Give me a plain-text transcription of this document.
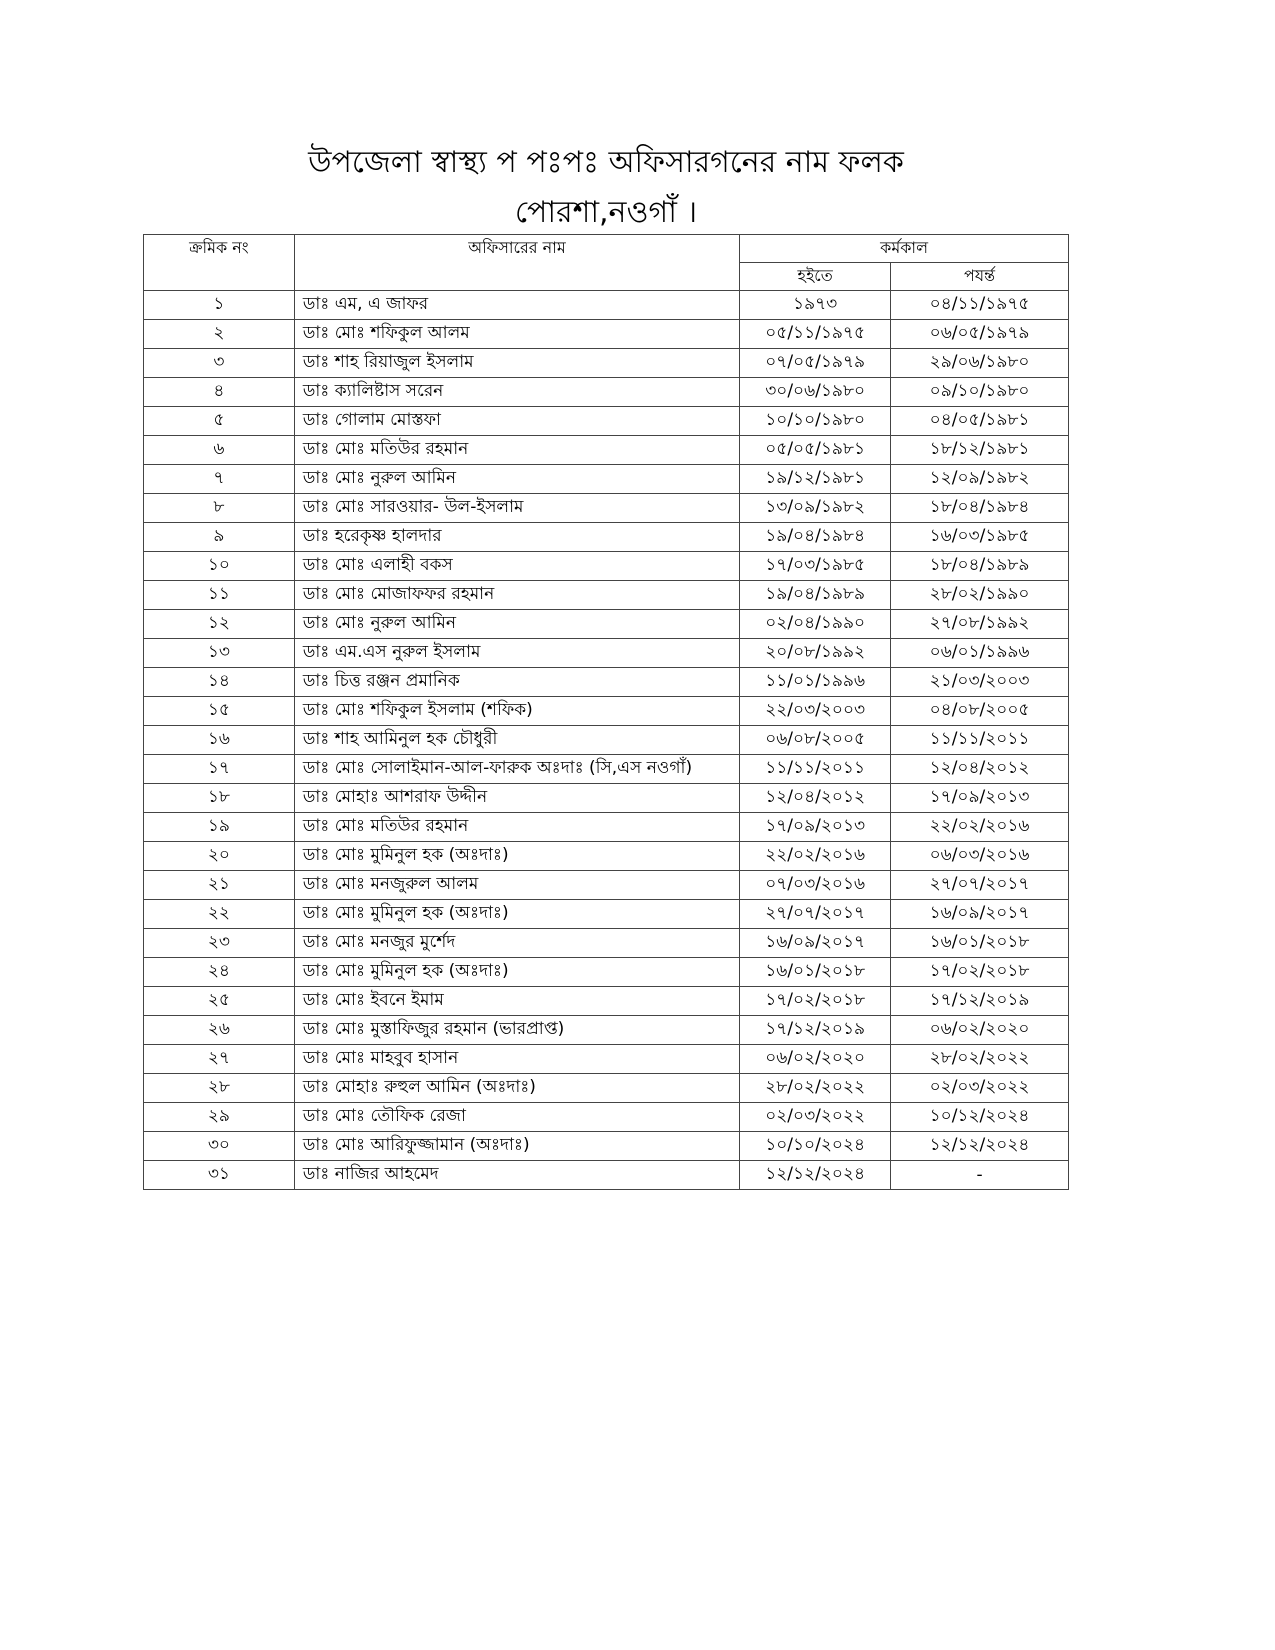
উপজেলা স্বাস্থ্য প পঃপঃ অফিসারগনের নাম ফলক
পোরশা,নওগাঁ ।
ক্রমিক নং	অফিসারের নাম	কর্মকাল	
		হইতে	পযর্ন্ত
১	ডাঃ এম, এ জাফর	১৯৭৩	০৪/১১/১৯৭৫
২	ডাঃ মোঃ শফিকুল আলম	০৫/১১/১৯৭৫	০৬/০৫/১৯৭৯
৩	ডাঃ শাহ রিয়াজুল ইসলাম	০৭/০৫/১৯৭৯	২৯/০৬/১৯৮০
৪	ডাঃ ক্যালিষ্টাস সরেন	৩০/০৬/১৯৮০	০৯/১০/১৯৮০
৫	ডাঃ গোলাম মোস্তফা	১০/১০/১৯৮০	০৪/০৫/১৯৮১
৬	ডাঃ মোঃ মতিউর রহমান	০৫/০৫/১৯৮১	১৮/১২/১৯৮১
৭	ডাঃ মোঃ নুরুল আমিন	১৯/১২/১৯৮১	১২/০৯/১৯৮২
৮	ডাঃ মোঃ সারওয়ার- উল-ইসলাম	১৩/০৯/১৯৮২	১৮/০৪/১৯৮৪
৯	ডাঃ হরেকৃষ্ণ হালদার	১৯/০৪/১৯৮৪	১৬/০৩/১৯৮৫
১০	ডাঃ মোঃ এলাহী বকস	১৭/০৩/১৯৮৫	১৮/০৪/১৯৮৯
১১	ডাঃ মোঃ মোজাফফর রহমান	১৯/০৪/১৯৮৯	২৮/০২/১৯৯০
১২	ডাঃ মোঃ নুরুল আমিন	০২/০৪/১৯৯০	২৭/০৮/১৯৯২
১৩	ডাঃ এম.এস নুরুল ইসলাম	২০/০৮/১৯৯২	০৬/০১/১৯৯৬
১৪	ডাঃ চিত্ত রঞ্জন প্রমানিক	১১/০১/১৯৯৬	২১/০৩/২০০৩
১৫	ডাঃ মোঃ শফিকুল ইসলাম (শফিক)	২২/০৩/২০০৩	০৪/০৮/২০০৫
১৬	ডাঃ শাহ আমিনুল হক চৌধুরী	০৬/০৮/২০০৫	১১/১১/২০১১
১৭	ডাঃ মোঃ সোলাইমান-আল-ফারুক অঃদাঃ (সি,এস নওগাঁ)	১১/১১/২০১১	১২/০৪/২০১২
১৮	ডাঃ মোহাঃ আশরাফ উদ্দীন	১২/০৪/২০১২	১৭/০৯/২০১৩
১৯	ডাঃ মোঃ মতিউর রহমান	১৭/০৯/২০১৩	২২/০২/২০১৬
২০	ডাঃ মোঃ মুমিনুল হক (অঃদাঃ)	২২/০২/২০১৬	০৬/০৩/২০১৬
২১	ডাঃ মোঃ মনজুরুল আলম	০৭/০৩/২০১৬	২৭/০৭/২০১৭
২২	ডাঃ মোঃ মুমিনুল হক (অঃদাঃ)	২৭/০৭/২০১৭	১৬/০৯/২০১৭
২৩	ডাঃ মোঃ মনজুর মুর্শেদ	১৬/০৯/২০১৭	১৬/০১/২০১৮
২৪	ডাঃ মোঃ মুমিনুল হক (অঃদাঃ)	১৬/০১/২০১৮	১৭/০২/২০১৮
২৫	ডাঃ মোঃ ইবনে ইমাম	১৭/০২/২০১৮	১৭/১২/২০১৯
২৬	ডাঃ মোঃ মুস্তাফিজুর রহমান (ভারপ্রাপ্ত)	১৭/১২/২০১৯	০৬/০২/২০২০
২৭	ডাঃ মোঃ মাহবুব হাসান	০৬/০২/২০২০	২৮/০২/২০২২
২৮	ডাঃ মোহাঃ রুহুল আমিন (অঃদাঃ)	২৮/০২/২০২২	০২/০৩/২০২২
২৯	ডাঃ মোঃ তৌফিক রেজা	০২/০৩/২০২২	১০/১২/২০২৪
৩০	ডাঃ মোঃ আরিফুজ্জামান (অঃদাঃ)	১০/১০/২০২৪	১২/১২/২০২৪
৩১	ডাঃ নাজির আহমেদ	১২/১২/২০২৪	-
